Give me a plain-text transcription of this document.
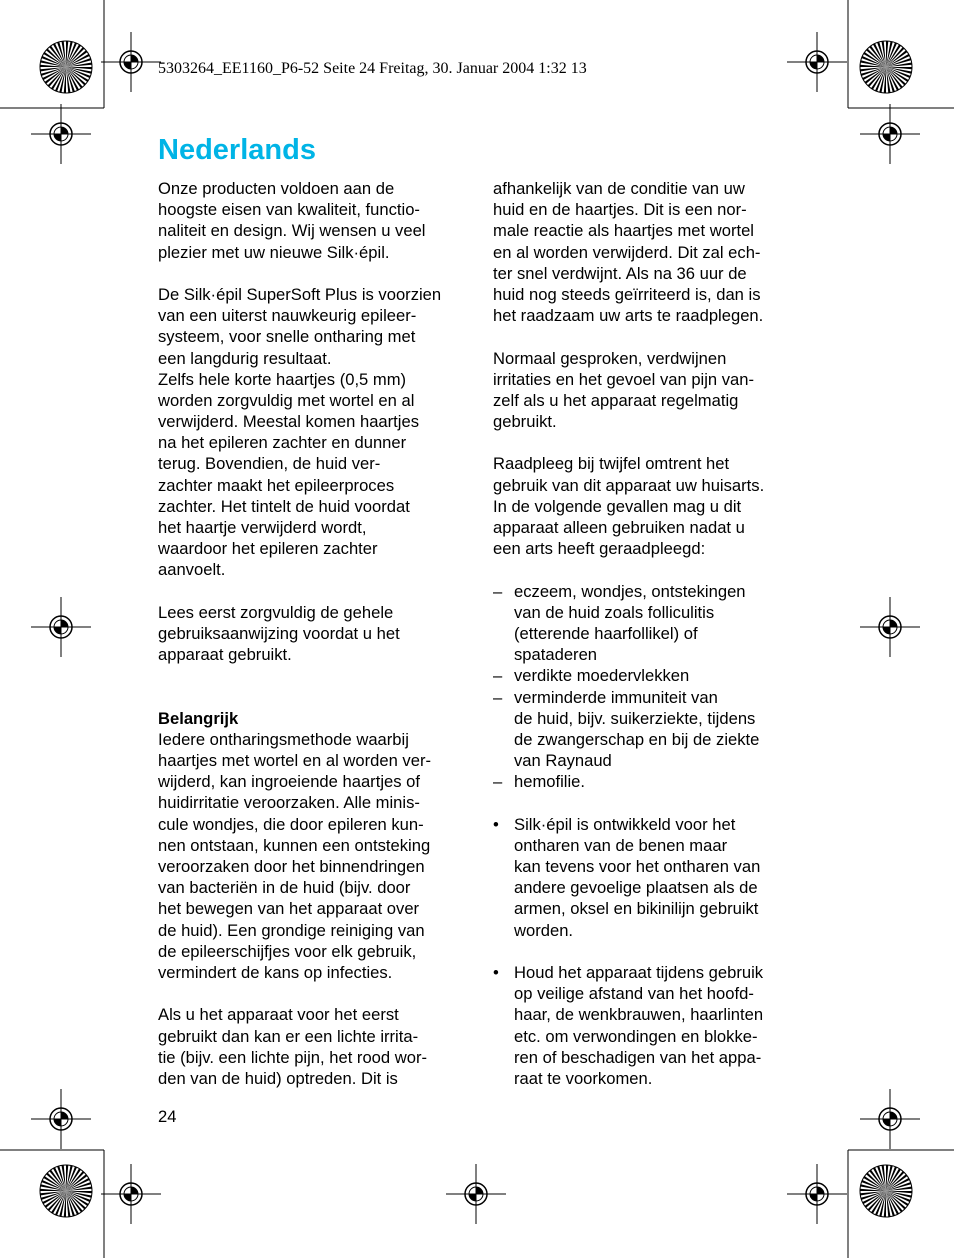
5303264_EE1160_P6-52 Seite 24 Freitag, 30. Januar 2004 1:32 13
Nederlands
Onze producten voldoen aan de
hoogste eisen van kwaliteit, functio-
naliteit en design. Wij wensen u veel
plezier met uw nieuwe Silk·épil.
De Silk·épil SuperSoft Plus is voorzien
van een uiterst nauwkeurig epileer-
systeem, voor snelle ontharing met
een langdurig resultaat.
Zelfs hele korte haartjes (0,5 mm)
worden zorgvuldig met wortel en al
verwijderd. Meestal komen haartjes
na het epileren zachter en dunner
terug. Bovendien, de huid ver-
zachter maakt het epileerproces
zachter. Het tintelt de huid voordat
het haartje verwijderd wordt,
waardoor het epileren zachter
aanvoelt.
Lees eerst zorgvuldig de gehele
gebruiksaanwijzing voordat u het
apparaat gebruikt.
Belangrijk
Iedere ontharingsmethode waarbij
haartjes met wortel en al worden ver-
wijderd, kan ingroeiende haartjes of
huidirritatie veroorzaken. Alle minis-
cule wondjes, die door epileren kun-
nen ontstaan, kunnen een ontsteking
veroorzaken door het binnendringen
van bacteriën in de huid (bijv. door
het bewegen van het apparaat over
de huid). Een grondige reiniging van
de epileerschijfjes voor elk gebruik,
vermindert de kans op infecties.
Als u het apparaat voor het eerst
gebruikt dan kan er een lichte irrita-
tie (bijv. een lichte pijn, het rood wor-
den van de huid) optreden. Dit is
afhankelijk van de conditie van uw
huid en de haartjes. Dit is een nor-
male reactie als haartjes met wortel
en al worden verwijderd. Dit zal ech-
ter snel verdwijnt. Als na 36 uur de
huid nog steeds geïrriteerd is, dan is
het raadzaam uw arts te raadplegen.
Normaal gesproken, verdwijnen
irritaties en het gevoel van pijn van-
zelf als u het apparaat regelmatig
gebruikt.
Raadpleeg bij twijfel omtrent het
gebruik van dit apparaat uw huisarts.
In de volgende gevallen mag u dit
apparaat alleen gebruiken nadat u
een arts heeft geraadpleegd:
– eczeem, wondjes, ontstekingen
van de huid zoals folliculitis
(etterende haarfollikel) of
spataderen
– verdikte moedervlekken
– verminderde immuniteit van
de huid, bijv. suikerziekte, tijdens
de zwangerschap en bij de ziekte
van Raynaud
– hemofilie.
• Silk·épil is ontwikkeld voor het
ontharen van de benen maar
kan tevens voor het ontharen van
andere gevoelige plaatsen als de
armen, oksel en bikinilijn gebruikt
worden.
• Houd het apparaat tijdens gebruik
op veilige afstand van het hoofd-
haar, de wenkbrauwen, haarlinten
etc. om verwondingen en blokke-
ren of beschadigen van het appa-
raat te voorkomen.
24
